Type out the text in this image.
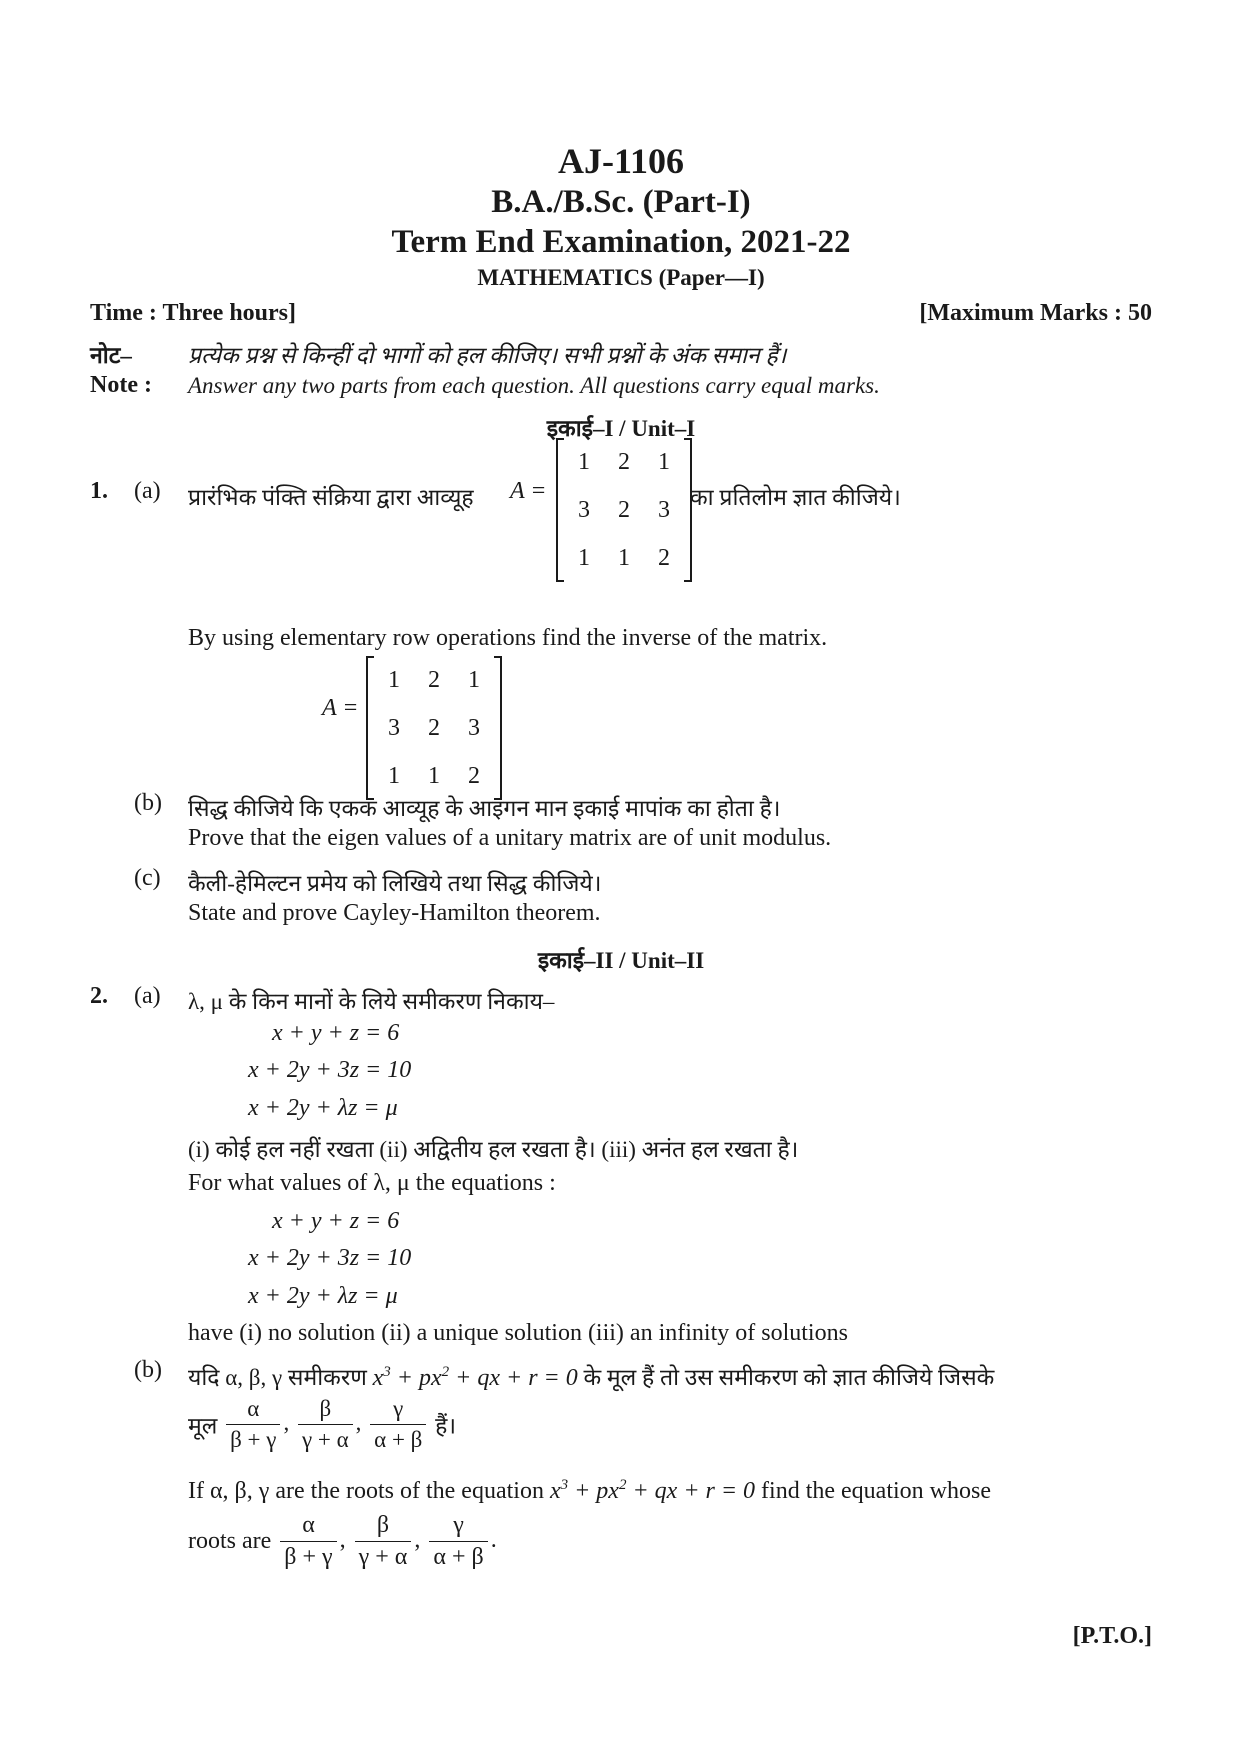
AJ-1106
B.A./B.Sc. (Part-I)
Term End Examination, 2021-22
MATHEMATICS (Paper—I)
Time : Three hours]	[Maximum Marks : 50
नोट– प्रत्येक प्रश्न से किन्हीं दो भागों को हल कीजिए। सभी प्रश्नों के अंक समान हैं।
Note : Answer any two parts from each question. All questions carry equal marks.
इकाई–I / Unit–I
1. (a) प्रारंभिक पंक्ति संक्रिया द्वारा आव्यूह A =
1	2	1
3	2	3
1	1	2
का प्रतिलोम ज्ञात कीजिये।
By using elementary row operations find the inverse of the matrix.
A =
1	2	1
3	2	3
1	1	2
(b) सिद्ध कीजिये कि एकक आव्यूह के आइगन मान इकाई मापांक का होता है।
Prove that the eigen values of a unitary matrix are of unit modulus.
(c) कैली-हेमिल्टन प्रमेय को लिखिये तथा सिद्ध कीजिये।
State and prove Cayley-Hamilton theorem.
इकाई–II / Unit–II
2. (a) λ, μ के किन मानों के लिये समीकरण निकाय–
x + y + z = 6
x + 2y + 3z = 10
x + 2y + λz = μ
(i) कोई हल नहीं रखता (ii) अद्वितीय हल रखता है। (iii) अनंत हल रखता है।
For what values of λ, μ the equations :
x + y + z = 6
x + 2y + 3z = 10
x + 2y + λz = μ
have (i) no solution (ii) a unique solution (iii) an infinity of solutions
(b) यदि α, β, γ समीकरण $x^3 + px^2$ + qx + r = 0 के मूल हैं तो उस समीकरण को ज्ञात कीजिये जिसके
मूल $\frac{\alpha}{\beta + \gamma}$ , $\frac{\beta}{\gamma + \alpha}$ , $\frac{\gamma}{\alpha + \beta}$ हैं।
If α, β, γ are the roots of the equation $x^3 + px^2$ + qx + r = 0 find the equation whose
roots are $\frac{\alpha}{\beta + \gamma}$ , $\frac{\beta}{\gamma + \alpha}$ , $\frac{\gamma}{\alpha + \beta}$ .
[P.T.O.]
